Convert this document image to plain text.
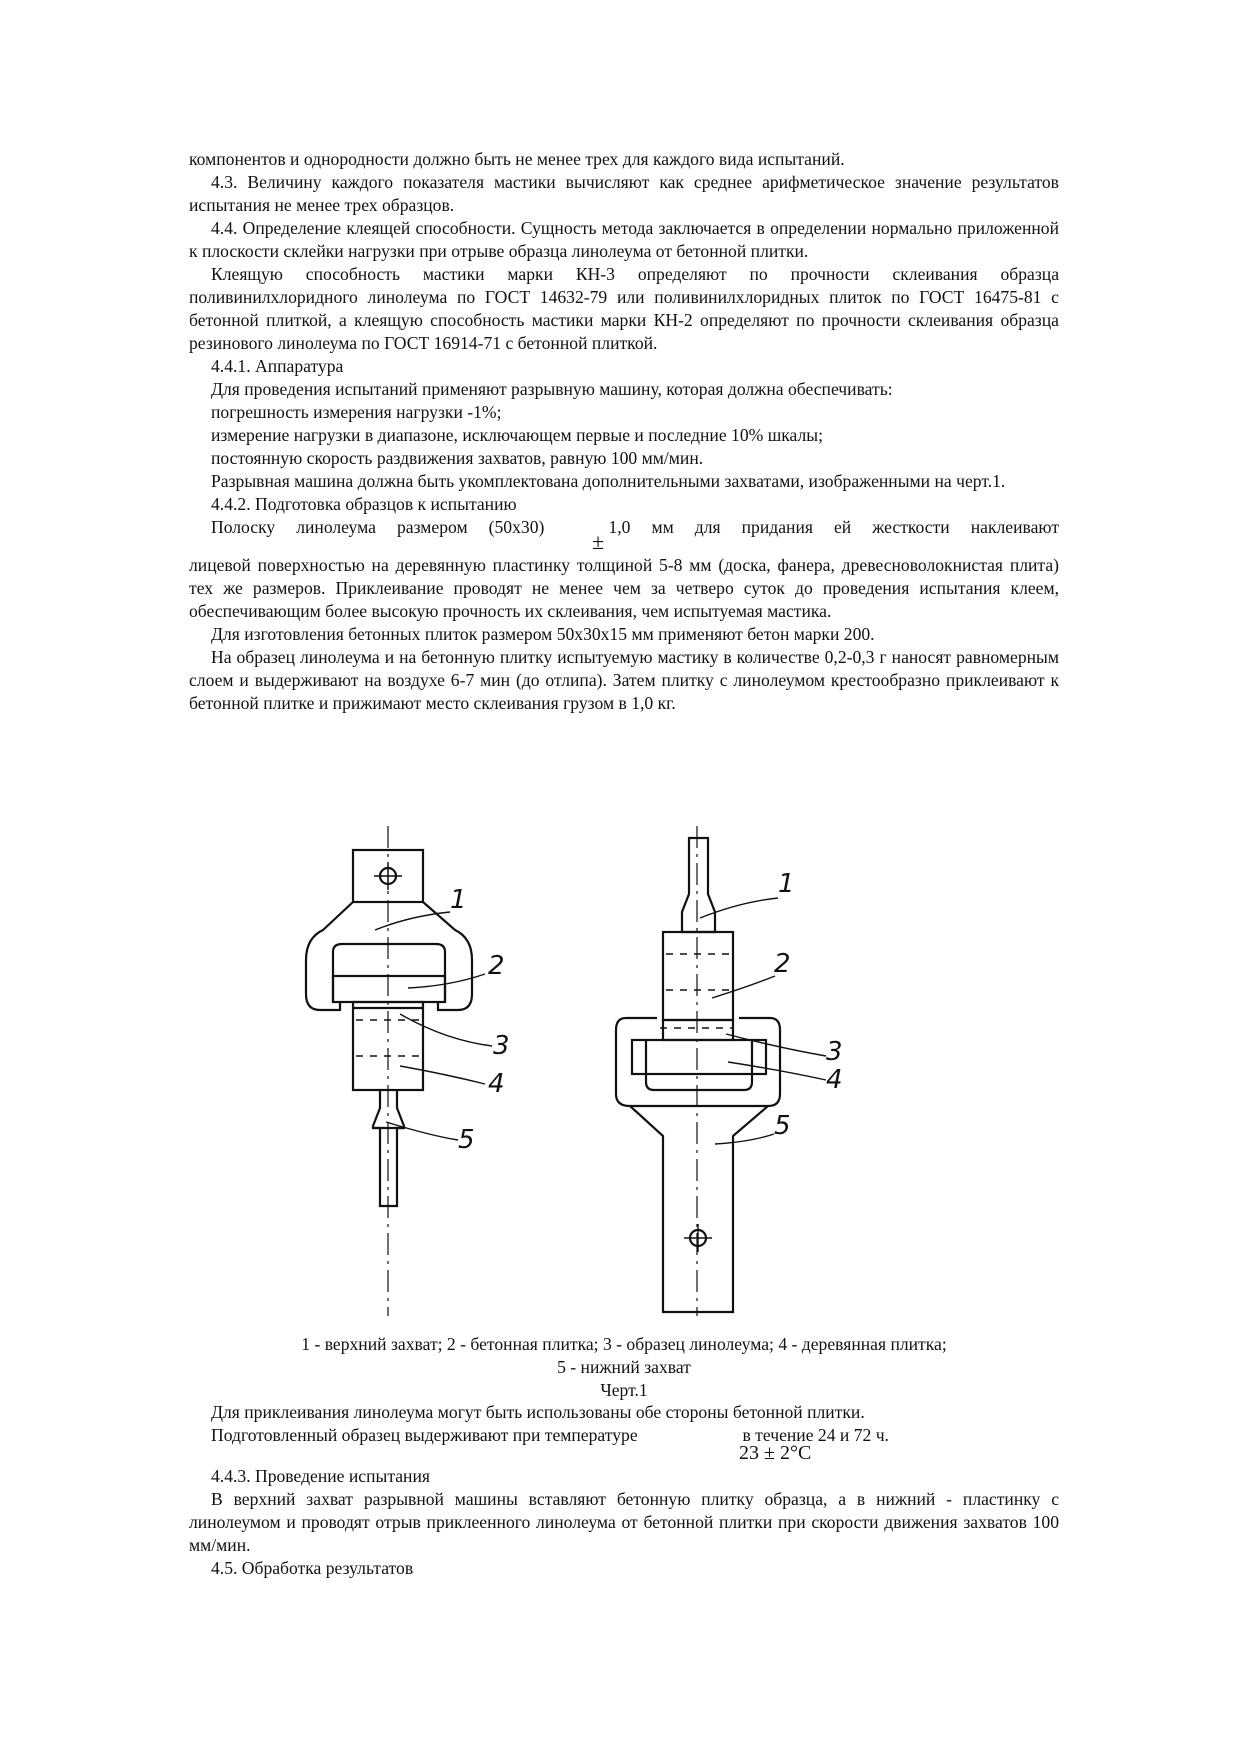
компонентов и однородности должно быть не менее трех для каждого вида испытаний.

4.3. Величину каждого показателя мастики вычисляют как среднее арифметическое значение результатов испытания не менее трех образцов.

4.4. Определение клеящей способности. Сущность метода заключается в определении нормально приложенной к плоскости склейки нагрузки при отрыве образца линолеума от бетонной плитки.

Клеящую способность мастики марки КН-3 определяют по прочности склеивания образца поливинилхлоридного линолеума по ГОСТ 14632-79 или поливинилхлоридных плиток по ГОСТ 16475-81 с бетонной плиткой, а клеящую способность мастики марки КН-2 определяют по прочности склеивания образца резинового линолеума по ГОСТ 16914-71 с бетонной плиткой.

4.4.1. Аппаратура

Для проведения испытаний применяют разрывную машину, которая должна обеспечивать:

погрешность измерения нагрузки -1%;

измерение нагрузки в диапазоне, исключающем первые и последние 10% шкалы;

постоянную скорость раздвижения захватов, равную 100 мм/мин.

Разрывная машина должна быть укомплектована дополнительными захватами, изображенными на черт.1.

4.4.2. Подготовка образцов к испытанию

Полоску линолеума размером (50x30)	1,0 мм для придания ей жесткости наклеивают
±

лицевой поверхностью на деревянную пластинку толщиной 5-8 мм (доска, фанера, древесноволокнистая плита) тех же размеров. Приклеивание проводят не менее чем за четверо суток до проведения испытания клеем, обеспечивающим более высокую прочность их склеивания, чем испытуемая мастика.

Для изготовления бетонных плиток размером 50x30x15 мм применяют бетон марки 200.

На образец линолеума и на бетонную плитку испытуемую мастику в количестве 0,2-0,3 г наносят равномерным слоем и выдерживают на воздухе 6-7 мин (до отлипа). Затем плитку с линолеумом крестообразно приклеивают к бетонной плитке и прижимают место склеивания грузом в 1,0 кг.

1
2
3
4
5
1
2
3
4
5
1 - верхний захват; 2 - бетонная плитка; 3 - образец линолеума; 4 - деревянная плитка;
5 - нижний захват
Черт.1

Для приклеивания линолеума могут быть использованы обе стороны бетонной плитки.

Подготовленный образец выдерживают при температуре	в течение 24 и 72 ч.
23 ± 2°C

4.4.3. Проведение испытания

В верхний захват разрывной машины вставляют бетонную плитку образца, а в нижний - пластинку с линолеумом и проводят отрыв приклеенного линолеума от бетонной плитки при скорости движения захватов 100 мм/мин.

4.5. Обработка результатов
